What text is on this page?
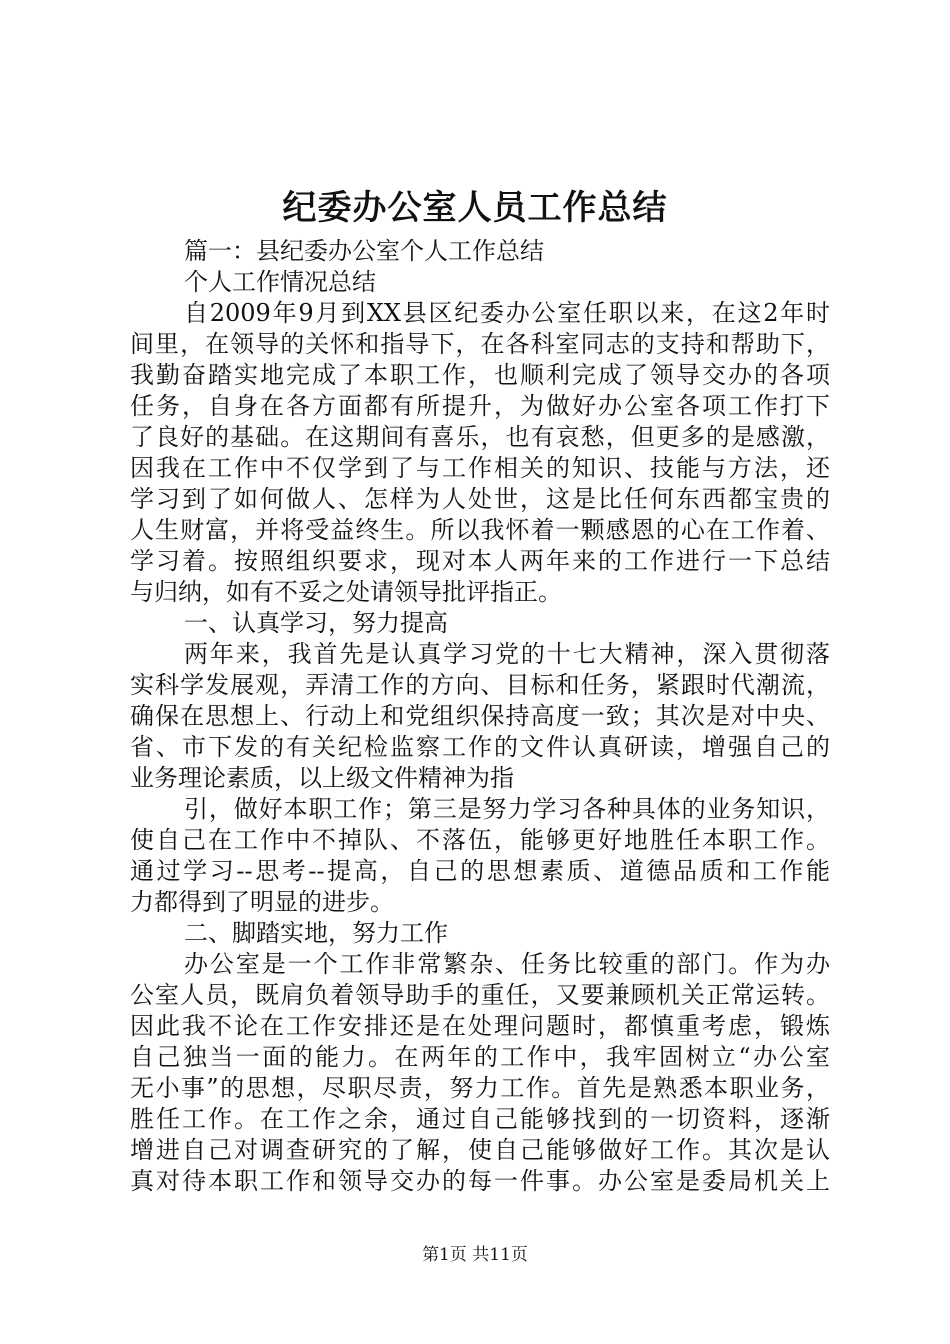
纪委办公室人员工作总结
篇一：县纪委办公室个人工作总结
个人工作情况总结
自2009年9月到XX县区纪委办公室任职以来，在这2年时
间里，在领导的关怀和指导下，在各科室同志的支持和帮助下，
我勤奋踏实地完成了本职工作，也顺利完成了领导交办的各项
任务，自身在各方面都有所提升，为做好办公室各项工作打下
了良好的基础。在这期间有喜乐，也有哀愁，但更多的是感激，
因我在工作中不仅学到了与工作相关的知识、技能与方法，还
学习到了如何做人、怎样为人处世，这是比任何东西都宝贵的
人生财富，并将受益终生。所以我怀着一颗感恩的心在工作着、
学习着。按照组织要求，现对本人两年来的工作进行一下总结
与归纳，如有不妥之处请领导批评指正。
一、认真学习，努力提高
两年来，我首先是认真学习党的十七大精神，深入贯彻落
实科学发展观，弄清工作的方向、目标和任务，紧跟时代潮流，
确保在思想上、行动上和党组织保持高度一致；其次是对中央、
省、市下发的有关纪检监察工作的文件认真研读，增强自己的
业务理论素质，以上级文件精神为指
引，做好本职工作；第三是努力学习各种具体的业务知识，
使自己在工作中不掉队、不落伍，能够更好地胜任本职工作。
通过学习--思考--提高，自己的思想素质、道德品质和工作能
力都得到了明显的进步。
二、脚踏实地，努力工作
办公室是一个工作非常繁杂、任务比较重的部门。作为办
公室人员，既肩负着领导助手的重任，又要兼顾机关正常运转。
因此我不论在工作安排还是在处理问题时，都慎重考虑，锻炼
自己独当一面的能力。在两年的工作中，我牢固树立“办公室
无小事”的思想，尽职尽责，努力工作。首先是熟悉本职业务，
胜任工作。在工作之余，通过自己能够找到的一切资料，逐渐
增进自己对调查研究的了解，使自己能够做好工作。其次是认
真对待本职工作和领导交办的每一件事。办公室是委局机关上
第1页 共11页
